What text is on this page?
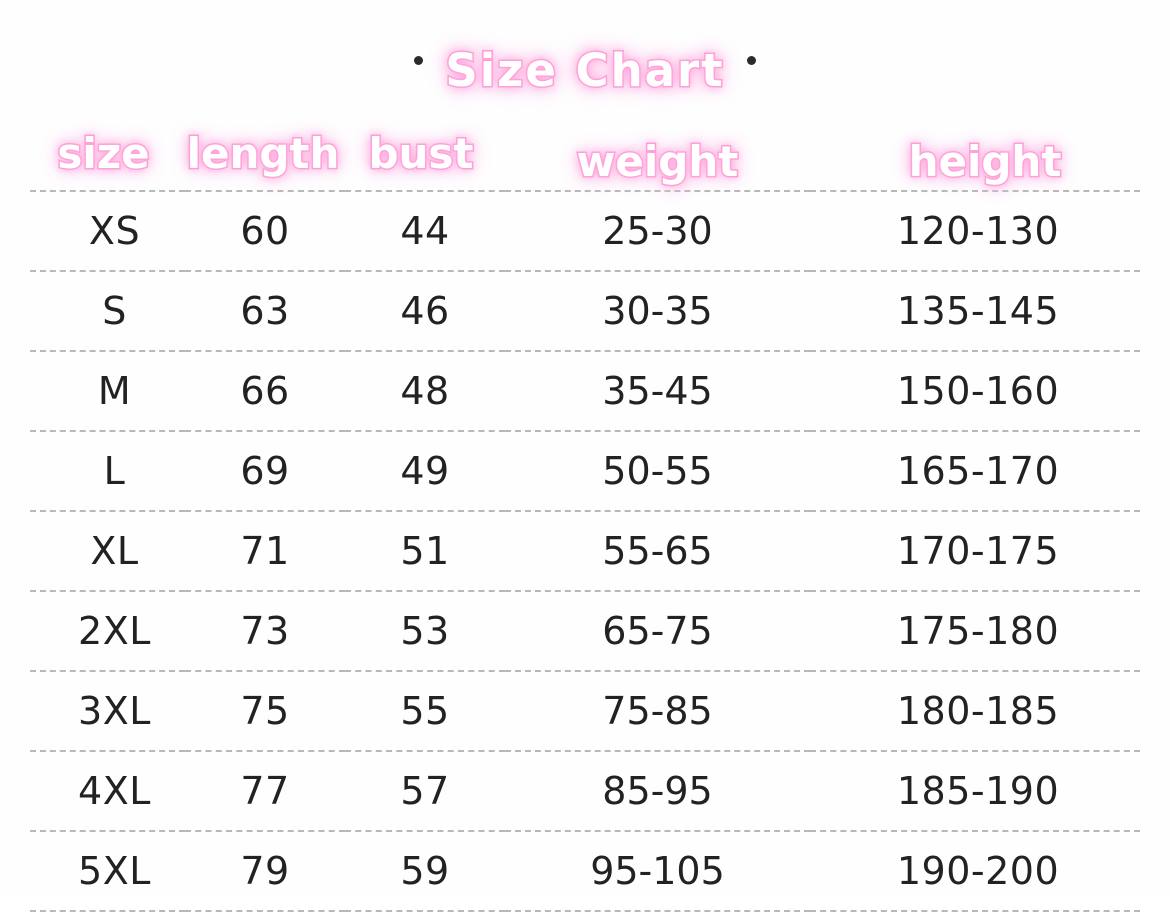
Size Chart
size	length	bust	weight	height
XS	60	44	25-30	120-130
S	63	46	30-35	135-145
M	66	48	35-45	150-160
L	69	49	50-55	165-170
XL	71	51	55-65	170-175
2XL	73	53	65-75	175-180
3XL	75	55	75-85	180-185
4XL	77	57	85-95	185-190
5XL	79	59	95-105	190-200
